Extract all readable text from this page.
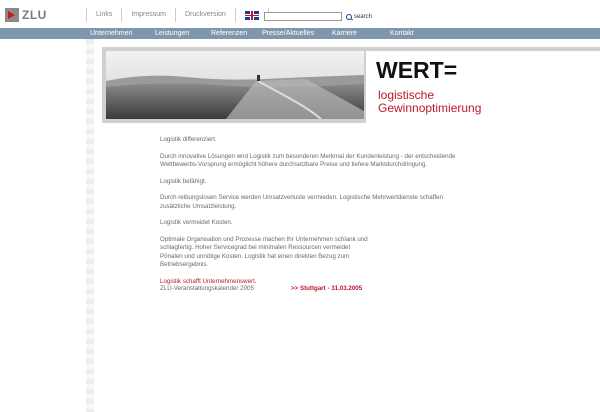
ZLU	Links	Impressum	Druckversion	search
Unternehmen	Leistungen	Referenzen Presse/Aktuelles	Karriere	Kontakt
WERT=
logistische
Gewinnoptimierung

Logistik differenziert.

Durch innovative Lösungen wird Logistik zum besonderen Merkmal der Kundenleistung - der entscheidende Wettbewerbs-Vorsprung ermöglicht höhere durchsetzbare Preise und tiefere Marktdurchdringung.

Logistik befähigt.

Durch reibungslosen Service werden Umsatzverluste vermieden. Logistische Mehrwertdienste schaffen zusätzliche Umsatzleistung.

Logistik vermeidet Kosten.

Optimale Organisation und Prozesse machen Ihr Unternehmen schlank und schlagfertig. Hoher Servicegrad bei minimalen Ressourcen vermeidet Pönalen und unnötige Kosten. Logistik hat einen direkten Bezug zum Betriebsergebnis.

Logistik schafft Unternehmenswert.

ZLU-Veranstaltungskalender 2005	>> Stuttgart - 31.03.2005
